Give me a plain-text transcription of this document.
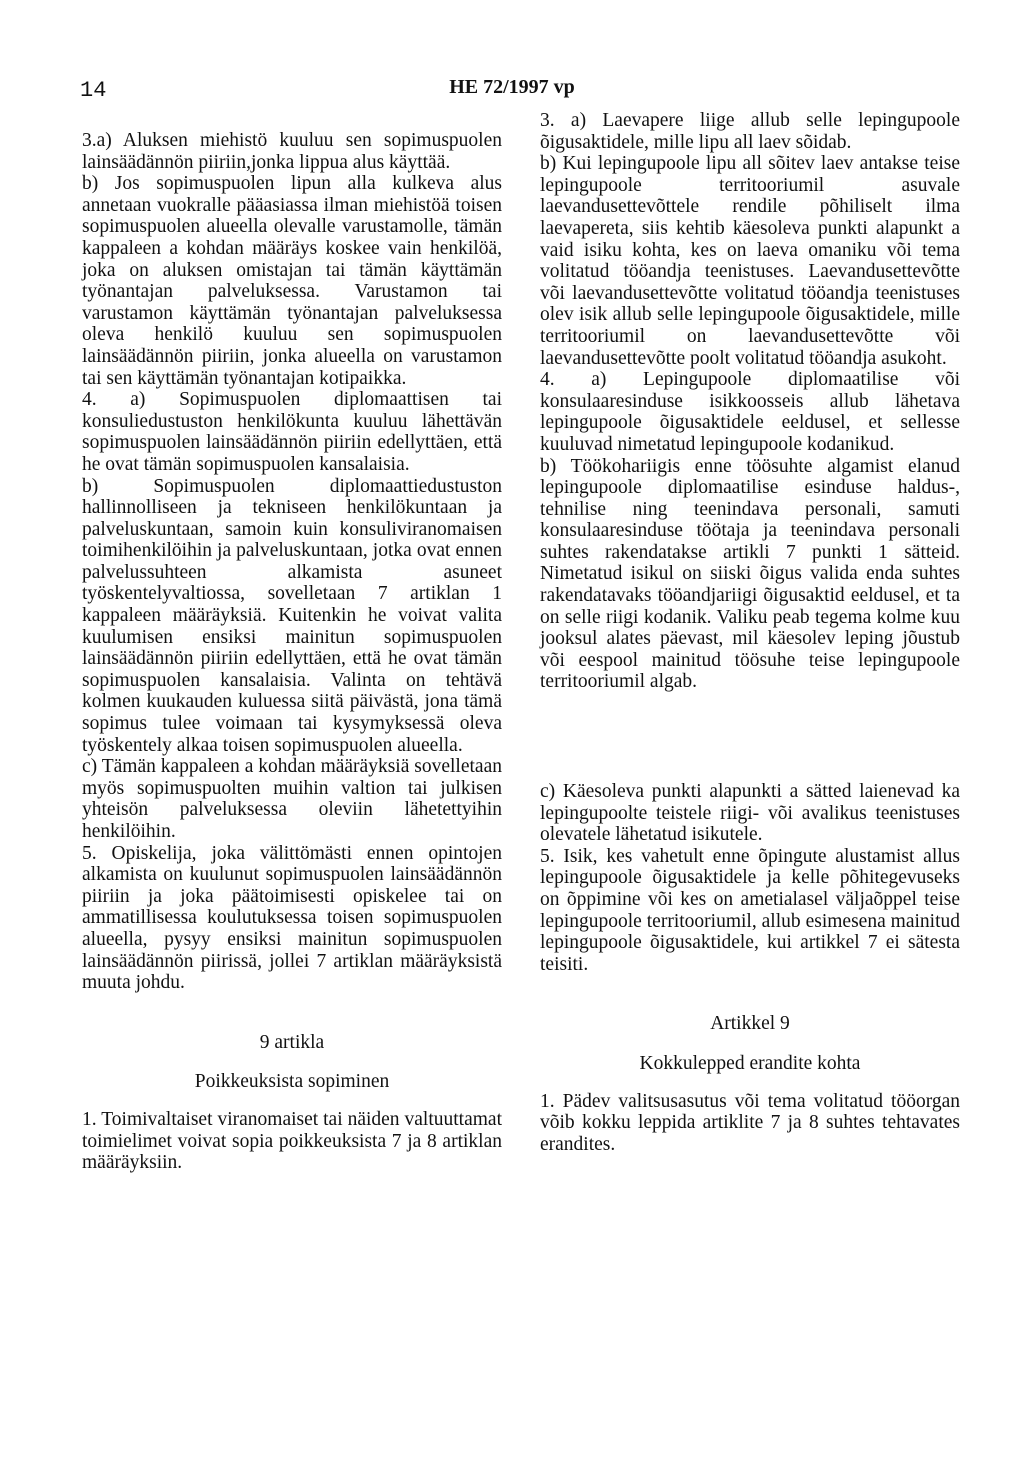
14	HE 72/1997 vp

3.a) Aluksen miehistö kuuluu sen sopimuspuolen lainsäädännön piiriin,jonka lippua alus käyttää.

b) Jos sopimuspuolen lipun alla kulkeva alus annetaan vuokralle pääasiassa ilman miehistöä toisen sopimuspuolen alueella olevalle varustamolle, tämän kappaleen a kohdan määräys koskee vain henkilöä, joka on aluksen omistajan tai tämän käyttämän työnantajan palveluksessa. Varustamon tai varustamon käyttämän työnantajan palveluksessa oleva henkilö kuuluu sen sopimuspuolen lainsäädännön piiriin, jonka alueella on varustamon tai sen käyttämän työnantajan kotipaikka.

4. a) Sopimuspuolen diplomaattisen tai konsuliedustuston henkilökunta kuuluu lähettävän sopimuspuolen lainsäädännön piiriin edellyttäen, että he ovat tämän sopimuspuolen kansalaisia.

b) Sopimuspuolen diplomaattiedustuston hallinnolliseen ja tekniseen henkilökuntaan ja palveluskuntaan, samoin kuin konsuliviranomaisen toimihenkilöihin ja palveluskuntaan, jotka ovat ennen palvelussuhteen alkamista asuneet työskentelyvaltiossa, sovelletaan 7 artiklan 1 kappaleen määräyksiä. Kuitenkin he voivat valita kuulumisen ensiksi mainitun sopimuspuolen lainsäädännön piiriin edellyttäen, että he ovat tämän sopimuspuolen kansalaisia. Valinta on tehtävä kolmen kuukauden kuluessa siitä päivästä, jona tämä sopimus tulee voimaan tai kysymyksessä oleva työskentely alkaa toisen sopimuspuolen alueella.

c) Tämän kappaleen a kohdan määräyksiä sovelletaan myös sopimuspuolten muihin valtion tai julkisen yhteisön palveluksessa oleviin lähetettyihin henkilöihin.

5. Opiskelija, joka välittömästi ennen opintojen alkamista on kuulunut sopimuspuolen lainsäädännön piiriin ja joka päätoimisesti opiskelee tai on ammatillisessa koulutuksessa toisen sopimuspuolen alueella, pysyy ensiksi mainitun sopimuspuolen lainsäädännön piirissä, jollei 7 artiklan määräyksistä muuta johdu.

9 artikla
Poikkeuksista sopiminen

1. Toimivaltaiset viranomaiset tai näiden valtuuttamat toimielimet voivat sopia poikkeuksista 7 ja 8 artiklan määräyksiin.

3. a) Laevapere liige allub selle lepingupoole õigusaktidele, mille lipu all laev sõidab.

b) Kui lepingupoole lipu all sõitev laev antakse teise lepingupoole territooriumil asuvale laevandusettevõttele rendile põhiliselt ilma laevapereta, siis kehtib käesoleva punkti alapunkt a vaid isiku kohta, kes on laeva omaniku või tema volitatud tööandja teenistuses. Laevandusettevõtte või laevandusettevõtte volitatud tööandja teenistuses olev isik allub selle lepingupoole õigusaktidele, mille territooriumil on laevandusettevõtte või laevandusettevõtte poolt volitatud tööandja asukoht.

4. a) Lepingupoole diplomaatilise või konsulaaresinduse isikkoosseis allub lähetava lepingupoole õigusaktidele eeldusel, et sellesse kuuluvad nimetatud lepingupoole kodanikud.

b) Töökohariigis enne töösuhte algamist elanud lepingupoole diplomaatilise esinduse haldus-, tehnilise ning teenindava personali, samuti konsulaaresinduse töötaja ja teenindava personali suhtes rakendatakse artikli 7 punkti 1 sätteid. Nimetatud isikul on siiski õigus valida enda suhtes rakendatavaks tööandjariigi õigusaktid eeldusel, et ta on selle riigi kodanik. Valiku peab tegema kolme kuu jooksul alates päevast, mil käesolev leping jõustub või eespool mainitud töösuhe teise lepingupoole territooriumil algab.

c) Käesoleva punkti alapunkti a sätted laienevad ka lepingupoolte teistele riigi- või avalikus teenistuses olevatele lähetatud isikutele.

5. Isik, kes vahetult enne õpingute alustamist allus lepingupoole õigusaktidele ja kelle põhitegevuseks on õppimine või kes on ametialasel väljaõppel teise lepingupoole territooriumil, allub esimesena mainitud lepingupoole õigusaktidele, kui artikkel 7 ei sätesta teisiti.

Artikkel 9
Kokkulepped erandite kohta

1. Pädev valitsusasutus või tema volitatud tööorgan võib kokku leppida artiklite 7 ja 8 suhtes tehtavates erandites.
